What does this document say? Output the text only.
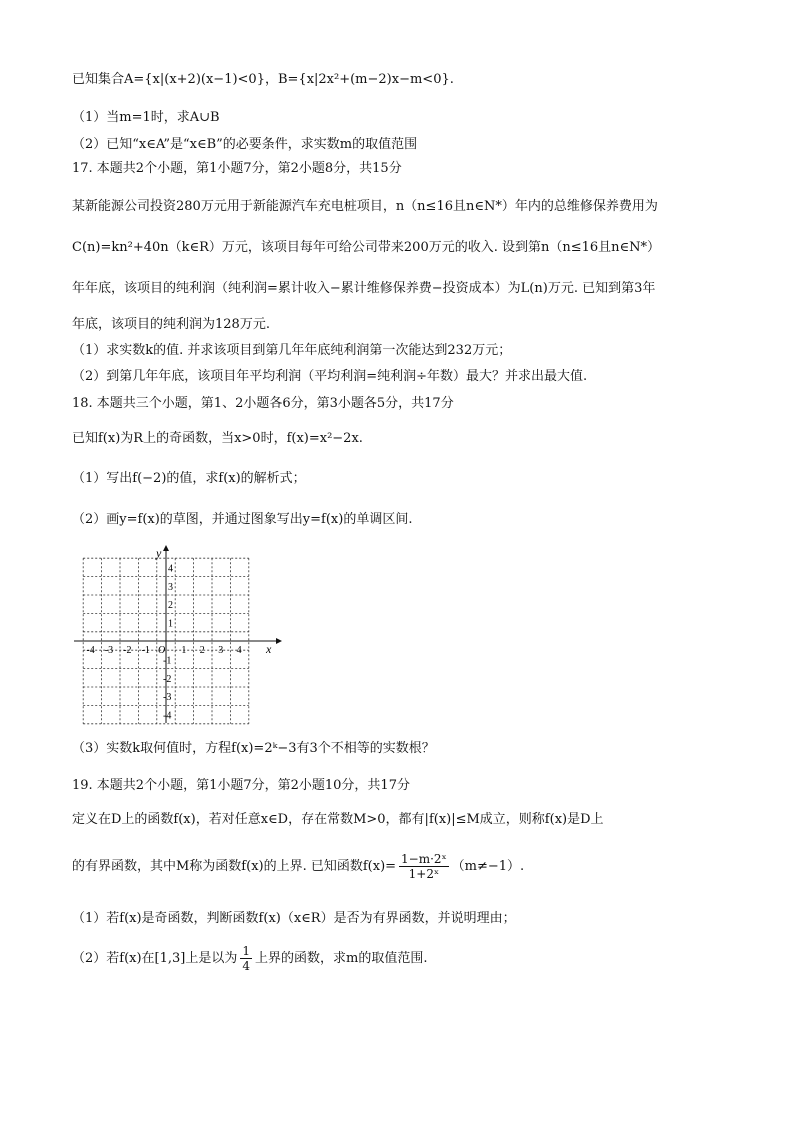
已知集合A={x|(x+2)(x−1)<0}，B={x|2x²+(m−2)x−m<0}.
（1）当m=1时，求A∪B
（2）已知“x∈A”是“x∈B”的必要条件，求实数m的取值范围
17. 本题共2个小题，第1小题7分，第2小题8分，共15分
某新能源公司投资280万元用于新能源汽车充电桩项目，n（n≤16且n∈N*）年内的总维修保养费用为
C(n)=kn²+40n（k∈R）万元，该项目每年可给公司带来200万元的收入. 设到第n（n≤16且n∈N*）
年年底，该项目的纯利润（纯利润=累计收入−累计维修保养费−投资成本）为L(n)万元. 已知到第3年
年底，该项目的纯利润为128万元.
（1）求实数k的值. 并求该项目到第几年年底纯利润第一次能达到232万元；
（2）到第几年年底，该项目年平均利润（平均利润=纯利润÷年数）最大？并求出最大值.
18. 本题共三个小题，第1、2小题各6分，第3小题各5分，共17分
已知f(x)为R上的奇函数，当x>0时，f(x)=x²−2x.
（1）写出f(−2)的值，求f(x)的解析式；
（2）画y=f(x)的草图，并通过图象写出y=f(x)的单调区间.
x
y
O
-4 -3 -2 -1	1 2 3 4
4
3
2
1
-1
-2
-3
-4
（3）实数k取何值时，方程f(x)=2ᵏ−3有3个不相等的实数根？
19. 本题共2个小题，第1小题7分，第2小题10分，共17分
定义在D上的函数f(x)，若对任意x∈D，存在常数M>0，都有|f(x)|≤M成立，则称f(x)是D上
的有界函数，其中M称为函数f(x)的上界. 已知函数$f(x)= \frac{\text{1−m·2ˣ}}{\text{1+2ˣ}} (m\ne-1)$.
（1）若f(x)是奇函数，判断函数f(x)（x∈R）是否为有界函数，并说明理由；
（2）若f(x)在[1,3]上是以为 $\frac{1}{4}$ 上界的函数，求m的取值范围.
